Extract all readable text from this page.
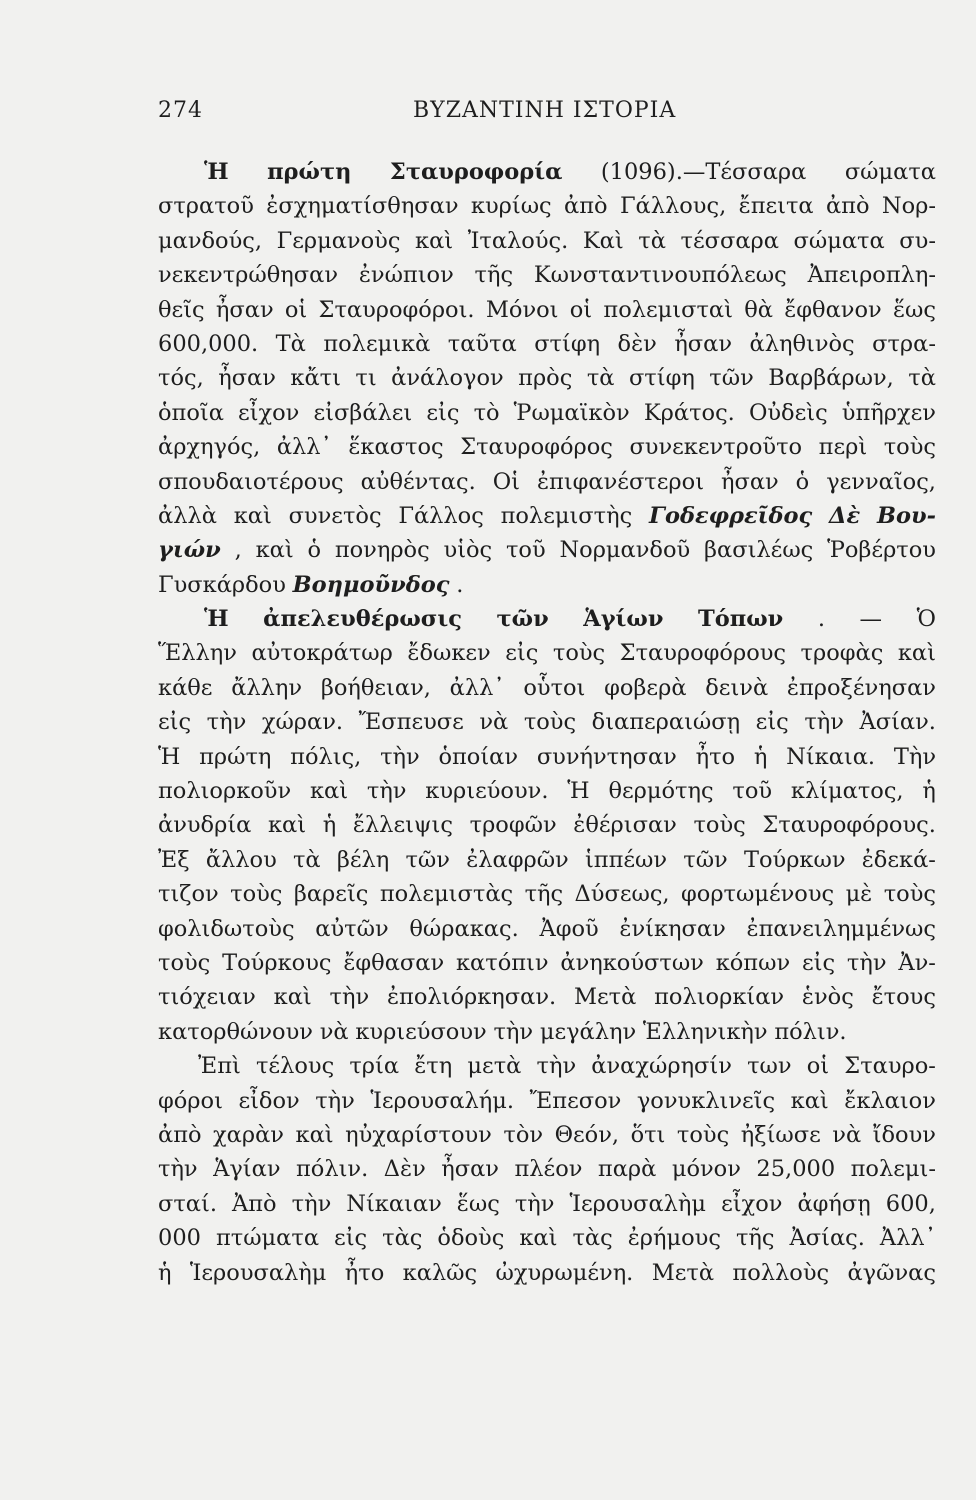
274	ΒΥΖΑΝΤΙΝΗ ΙΣΤΟΡΙΑ
Ἡ πρώτη Σταυροφορία (1096).—Τέσσαρα σώματα
στρατοῦ ἐσχηματίσθησαν κυρίως ἀπὸ Γάλλους, ἔπειτα ἀπὸ Νορ-
μανδούς, Γερμανοὺς καὶ Ἰταλούς. Καὶ τὰ τέσσαρα σώματα συ-
νεκεντρώθησαν ἐνώπιον τῆς Κωνσταντινουπόλεως Ἀπειροπλη-
θεῖς ἦσαν οἱ Σταυροφόροι. Μόνοι οἱ πολεμισταὶ θὰ ἔφθανον ἕως
600,000. Τὰ πολεμικὰ ταῦτα στίφη δὲν ἦσαν ἀληθινὸς στρα-
τός, ἦσαν κἄτι τι ἀνάλογον πρὸς τὰ στίφη τῶν Βαρβάρων, τὰ
ὁποῖα εἶχον εἰσβάλει εἰς τὸ Ῥωμαϊκὸν Κράτος. Οὐδεὶς ὑπῆρχεν
ἀρχηγός, ἀλλ᾽ ἕκαστος Σταυροφόρος συνεκεντροῦτο περὶ τοὺς
σπουδαιοτέρους αὐθέντας. Οἱ ἐπιφανέστεροι ἦσαν ὁ γενναῖος,
ἀλλὰ καὶ συνετὸς Γάλλος πολεμιστὴς Γοδεφρεῖδος Δὲ Βου-
γιών , καὶ ὁ πονηρὸς υἱὸς τοῦ Νορμανδοῦ βασιλέως Ῥοβέρτου
Γυσκάρδου Βοημοῦνδος .
Ἡ ἀπελευθέρωσις τῶν Ἁγίων Τόπων . — Ὁ
Ἕλλην αὐτοκράτωρ ἔδωκεν εἰς τοὺς Σταυροφόρους τροφὰς καὶ
κάθε ἄλλην βοήθειαν, ἀλλ᾽ οὗτοι φοβερὰ δεινὰ ἐπροξένησαν
εἰς τὴν χώραν. Ἔσπευσε νὰ τοὺς διαπεραιώσῃ εἰς τὴν Ἀσίαν.
Ἡ πρώτη πόλις, τὴν ὁποίαν συνήντησαν ἦτο ἡ Νίκαια. Τὴν
πολιορκοῦν καὶ τὴν κυριεύουν. Ἡ θερμότης τοῦ κλίματος, ἡ
ἀνυδρία καὶ ἡ ἔλλειψις τροφῶν ἐθέρισαν τοὺς Σταυροφόρους.
Ἐξ ἄλλου τὰ βέλη τῶν ἐλαφρῶν ἱππέων τῶν Τούρκων ἐδεκά-
τιζον τοὺς βαρεῖς πολεμιστὰς τῆς Δύσεως, φορτωμένους μὲ τοὺς
φολιδωτοὺς αὐτῶν θώρακας. Ἀφοῦ ἐνίκησαν ἐπανειλημμένως
τοὺς Τούρκους ἔφθασαν κατόπιν ἀνηκούστων κόπων εἰς τὴν Ἀν-
τιόχειαν καὶ τὴν ἐπολιόρκησαν. Μετὰ πολιορκίαν ἑνὸς ἔτους
κατορθώνουν νὰ κυριεύσουν τὴν μεγάλην Ἑλληνικὴν πόλιν.
Ἐπὶ τέλους τρία ἔτη μετὰ τὴν ἀναχώρησίν των οἱ Σταυρο-
φόροι εἶδον τὴν Ἱερουσαλήμ. Ἔπεσον γονυκλινεῖς καὶ ἔκλαιον
ἀπὸ χαρὰν καὶ ηὐχαρίστουν τὸν Θεόν, ὅτι τοὺς ἠξίωσε νὰ ἴδουν
τὴν Ἁγίαν πόλιν. Δὲν ἦσαν πλέον παρὰ μόνον 25,000 πολεμι-
σταί. Ἀπὸ τὴν Νίκαιαν ἕως τὴν Ἱερουσαλὴμ εἶχον ἀφήσῃ 600,
000 πτώματα εἰς τὰς ὁδοὺς καὶ τὰς ἐρήμους τῆς Ἀσίας. Ἀλλ᾽
ἡ Ἱερουσαλὴμ ἦτο καλῶς ὠχυρωμένη. Μετὰ πολλοὺς ἀγῶνας
